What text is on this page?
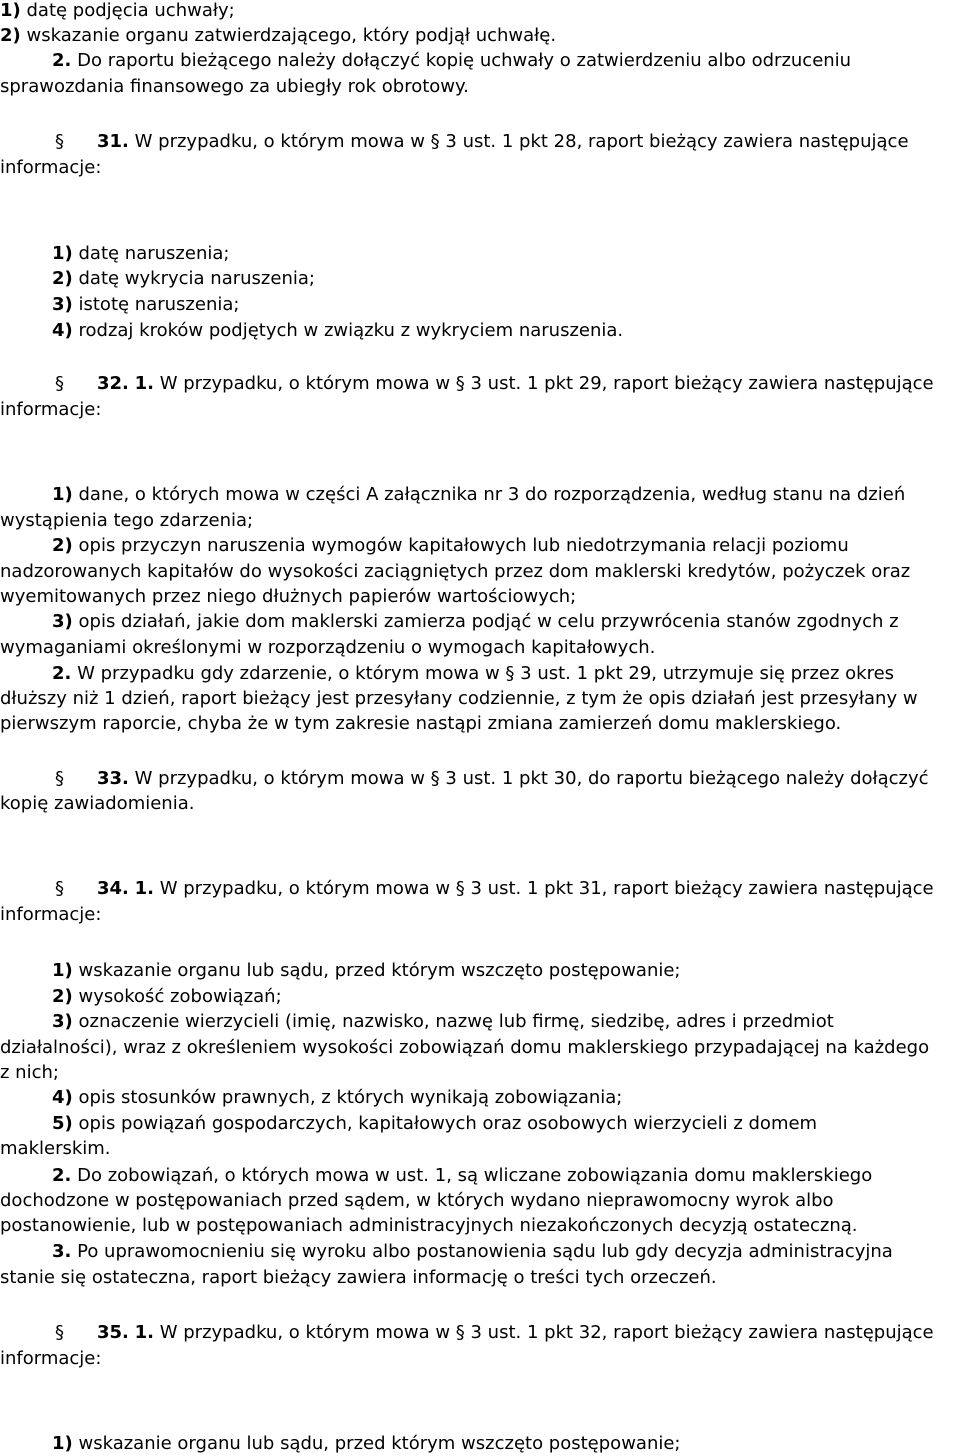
1) datę podjęcia uchwały;
2) wskazanie organu zatwierdzającego, który podjął uchwałę.
2. Do raportu bieżącego należy dołączyć kopię uchwały o zatwierdzeniu albo odrzuceniu
sprawozdania finansowego za ubiegły rok obrotowy.
§ 31. W przypadku, o którym mowa w § 3 ust. 1 pkt 28, raport bieżący zawiera następujące
informacje:
1) datę naruszenia;
2) datę wykrycia naruszenia;
3) istotę naruszenia;
4) rodzaj kroków podjętych w związku z wykryciem naruszenia.
§ 32. 1. W przypadku, o którym mowa w § 3 ust. 1 pkt 29, raport bieżący zawiera następujące
informacje:
1) dane, o których mowa w części A załącznika nr 3 do rozporządzenia, według stanu na dzień
wystąpienia tego zdarzenia;
2) opis przyczyn naruszenia wymogów kapitałowych lub niedotrzymania relacji poziomu
nadzorowanych kapitałów do wysokości zaciągniętych przez dom maklerski kredytów, pożyczek oraz
wyemitowanych przez niego dłużnych papierów wartościowych;
3) opis działań, jakie dom maklerski zamierza podjąć w celu przywrócenia stanów zgodnych z
wymaganiami określonymi w rozporządzeniu o wymogach kapitałowych.
2. W przypadku gdy zdarzenie, o którym mowa w § 3 ust. 1 pkt 29, utrzymuje się przez okres
dłuższy niż 1 dzień, raport bieżący jest przesyłany codziennie, z tym że opis działań jest przesyłany w
pierwszym raporcie, chyba że w tym zakresie nastąpi zmiana zamierzeń domu maklerskiego.
§ 33. W przypadku, o którym mowa w § 3 ust. 1 pkt 30, do raportu bieżącego należy dołączyć
kopię zawiadomienia.
§ 34. 1. W przypadku, o którym mowa w § 3 ust. 1 pkt 31, raport bieżący zawiera następujące
informacje:
1) wskazanie organu lub sądu, przed którym wszczęto postępowanie;
2) wysokość zobowiązań;
3) oznaczenie wierzycieli (imię, nazwisko, nazwę lub firmę, siedzibę, adres i przedmiot
działalności), wraz z określeniem wysokości zobowiązań domu maklerskiego przypadającej na każdego
z nich;
4) opis stosunków prawnych, z których wynikają zobowiązania;
5) opis powiązań gospodarczych, kapitałowych oraz osobowych wierzycieli z domem
maklerskim.
2. Do zobowiązań, o których mowa w ust. 1, są wliczane zobowiązania domu maklerskiego
dochodzone w postępowaniach przed sądem, w których wydano nieprawomocny wyrok albo
postanowienie, lub w postępowaniach administracyjnych niezakończonych decyzją ostateczną.
3. Po uprawomocnieniu się wyroku albo postanowienia sądu lub gdy decyzja administracyjna
stanie się ostateczna, raport bieżący zawiera informację o treści tych orzeczeń.
§ 35. 1. W przypadku, o którym mowa w § 3 ust. 1 pkt 32, raport bieżący zawiera następujące
informacje:
1) wskazanie organu lub sądu, przed którym wszczęto postępowanie;
